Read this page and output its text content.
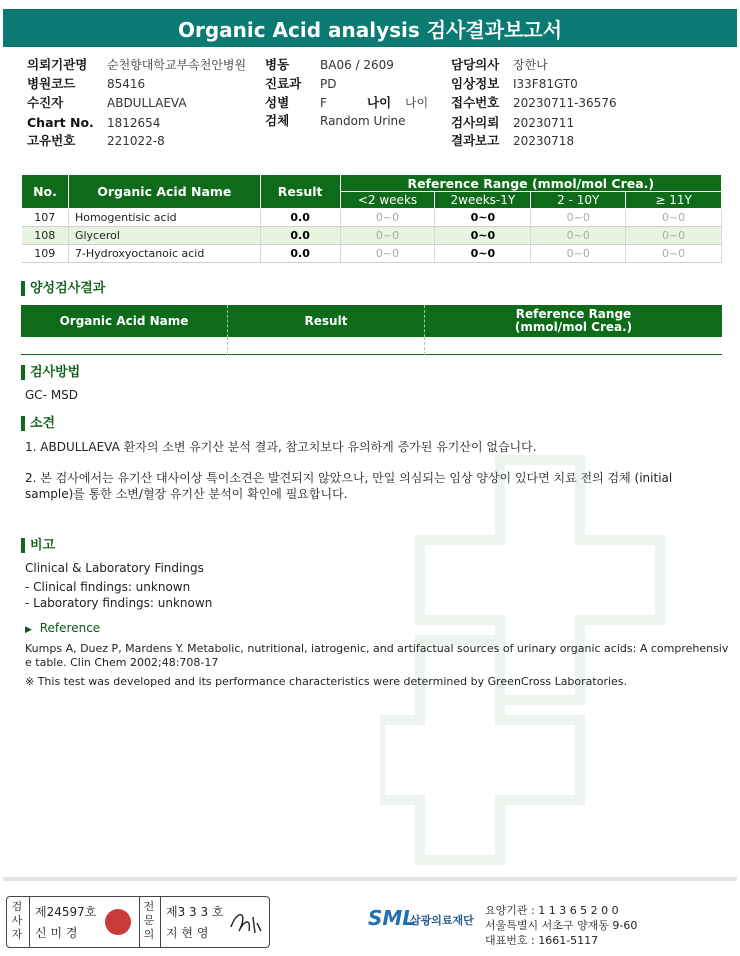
Organic Acid analysis 검사결과보고서
의뢰기관명 순천향대학교부속천안병원
병원코드	85416
수진자	ABDULLAEVA
Chart No. 1812654
고유번호	221022-8
병동	BA06 / 2609
진료과 PD
성별	F	나이 나이
검체	Random Urine
담당의사 장한나
임상정보 I33F81GT0
접수번호 20230711-36576
검사의뢰 20230711
결과보고 20230718
No.	Organic Acid Name	Result	Reference Range (mmol/mol Crea.)			
			<2 weeks	2weeks-1Y	2 - 10Y	≥ 11Y
107	Homogentisic acid	0.0	0~0	0~0	0~0	0~0
108	Glycerol	0.0	0~0	0~0	0~0	0~0
109	7-Hydroxyoctanoic acid	0.0	0~0	0~0	0~0	0~0
양성검사결과
Organic Acid Name	Result	Reference Range
(mmol/mol Crea.)
검사방법
GC- MSD
소견
1. ABDULLAEVA 환자의 소변 유기산 분석 결과, 참고치보다 유의하게 증가된 유기산이 없습니다.
2. 본 검사에서는 유기산 대사이상 특이소견은 발견되지 않았으나, 만일 의심되는 임상 양상이 있다면 치료 전의 검체 (initial
sample)를 통한 소변/혈장 유기산 분석이 확인에 필요합니다.
비고
Clinical & Laboratory Findings
- Clinical findings: unknown
- Laboratory findings: unknown
▶ Reference
Kumps A, Duez P, Mardens Y. Metabolic, nutritional, iatrogenic, and artifactual sources of urinary organic acids: A comprehensiv
e table. Clin Chem 2002;48:708-17
※ This test was developed and its performance characteristics were determined by GreenCross Laboratories.
검
사
자
제24597호
신 미 경
전
문
의
제3 3 3 호
지 현 영
SML
삼광의료재단
요양기관 : 1 1 3 6 5 2 0 0
서울특별시 서초구 양재동 9-60
대표번호 : 1661-5117
